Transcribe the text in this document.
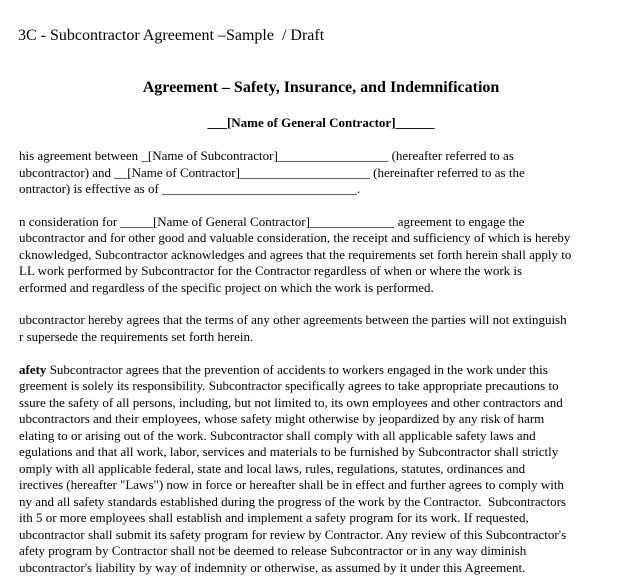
3C - Subcontractor Agreement –Sample  / Draft
Agreement – Safety, Insurance, and Indemnification
___[Name of General Contractor]______
his agreement between _[Name of Subcontractor]_________________ (hereafter referred to as
ubcontractor) and __[Name of Contractor]____________________ (hereinafter referred to as the
ontractor) is effective as of ______________________________.
n consideration for _____[Name of General Contractor]_____________ agreement to engage the
ubcontractor and for other good and valuable consideration, the receipt and sufficiency of which is hereby
cknowledged, Subcontractor acknowledges and agrees that the requirements set forth herein shall apply to
LL work performed by Subcontractor for the Contractor regardless of when or where the work is
erformed and regardless of the specific project on which the work is performed.
ubcontractor hereby agrees that the terms of any other agreements between the parties will not extinguish
r supersede the requirements set forth herein.
afety Subcontractor agrees that the prevention of accidents to workers engaged in the work under this
greement is solely its responsibility. Subcontractor specifically agrees to take appropriate precautions to
ssure the safety of all persons, including, but not limited to, its own employees and other contractors and
ubcontractors and their employees, whose safety might otherwise by jeopardized by any risk of harm
elating to or arising out of the work. Subcontractor shall comply with all applicable safety laws and
egulations and that all work, labor, services and materials to be furnished by Subcontractor shall strictly
omply with all applicable federal, state and local laws, rules, regulations, statutes, ordinances and
irectives (hereafter "Laws") now in force or hereafter shall be in effect and further agrees to comply with
ny and all safety standards established during the progress of the work by the Contractor.  Subcontractors
ith 5 or more employees shall establish and implement a safety program for its work. If requested,
ubcontractor shall submit its safety program for review by Contractor. Any review of this Subcontractor's
afety program by Contractor shall not be deemed to release Subcontractor or in any way diminish
ubcontractor's liability by way of indemnity or otherwise, as assumed by it under this Agreement.
